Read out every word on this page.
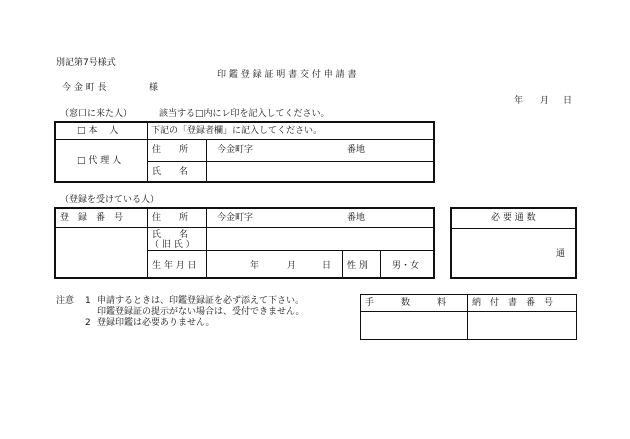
別記第7号様式
印 鑑 登 録 証 明 書 交 付 申 請 書
今 金 町 長	様
年 月 日
（窓口に来た人）	該当する□内にレ印を記入してください。
□ 本　 人	下記の「登録者欄」に記入してください。
□ 代 理 人
住　　所	今金町字	番地
氏　　名
（登録を受けている人）
登　録　番　号	住　　所	今金町字	番地
氏　　名
（ 旧 氏 ）
生 年 月 日	年	月	日 性 別	男・女
必 要 通 数
通
注意 1 申請するときは、印鑑登録証を必ず添えて下さい。
印鑑登録証の提示がない場合は、受付できません。
2 登録印鑑は必要ありません。
手　　　数　　　料	納　付　書　番　号
